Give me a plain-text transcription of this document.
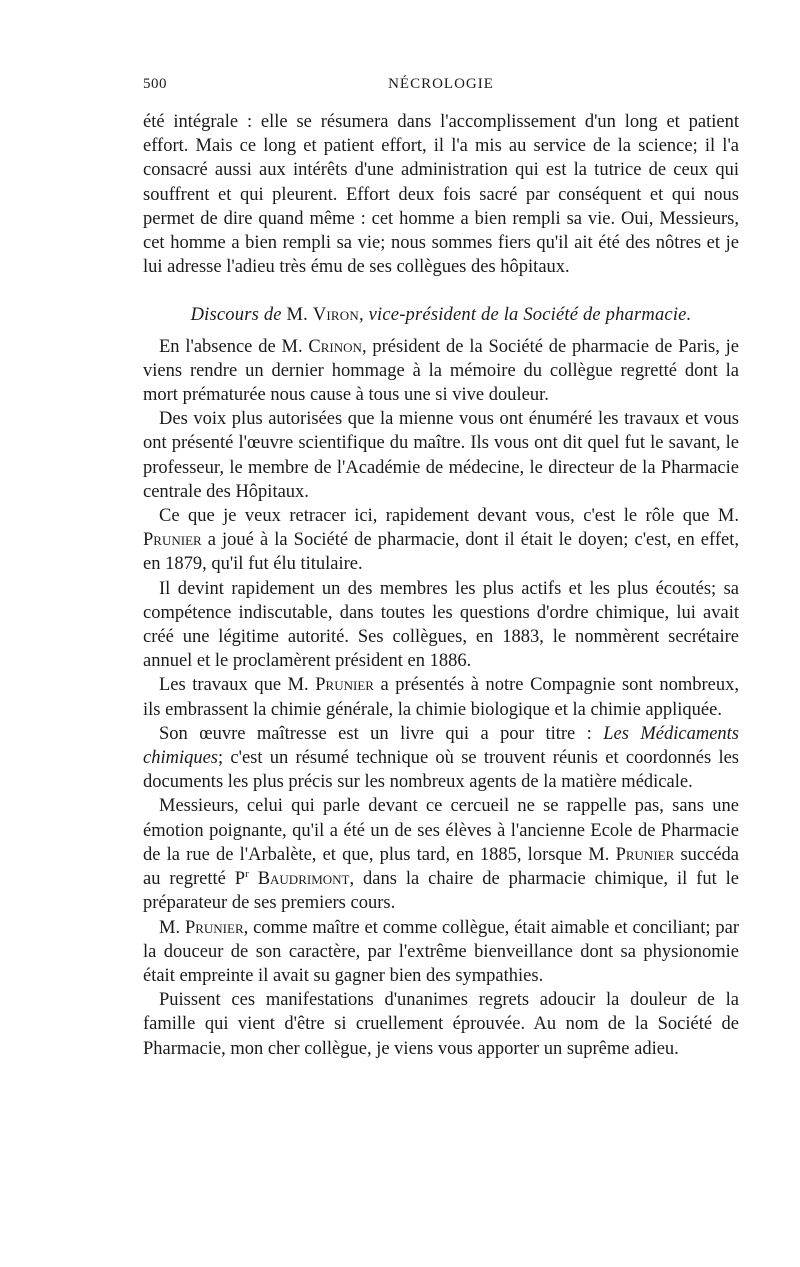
500	NÉCROLOGIE

été intégrale : elle se résumera dans l'accomplissement d'un long et patient effort. Mais ce long et patient effort, il l'a mis au service de la science; il l'a consacré aussi aux intérêts d'une administration qui est la tutrice de ceux qui souffrent et qui pleurent. Effort deux fois sacré par conséquent et qui nous permet de dire quand même : cet homme a bien rempli sa vie. Oui, Messieurs, cet homme a bien rempli sa vie; nous sommes fiers qu'il ait été des nôtres et je lui adresse l'adieu très ému de ses collègues des hôpitaux.

Discours de M. Viron, vice-président de la Société de pharmacie.

En l'absence de M. Crinon, président de la Société de pharmacie de Paris, je viens rendre un dernier hommage à la mémoire du collègue regretté dont la mort prématurée nous cause à tous une si vive douleur.

Des voix plus autorisées que la mienne vous ont énuméré les travaux et vous ont présenté l'œuvre scientifique du maître. Ils vous ont dit quel fut le savant, le professeur, le membre de l'Académie de médecine, le directeur de la Pharmacie centrale des Hôpitaux.

Ce que je veux retracer ici, rapidement devant vous, c'est le rôle que M. Prunier a joué à la Société de pharmacie, dont il était le doyen; c'est, en effet, en 1879, qu'il fut élu titulaire.

Il devint rapidement un des membres les plus actifs et les plus écoutés; sa compétence indiscutable, dans toutes les questions d'ordre chimique, lui avait créé une légitime autorité. Ses collègues, en 1883, le nommèrent secrétaire annuel et le proclamèrent président en 1886.

Les travaux que M. Prunier a présentés à notre Compagnie sont nombreux, ils embrassent la chimie générale, la chimie biologique et la chimie appliquée.

Son œuvre maîtresse est un livre qui a pour titre : Les Médicaments chimiques; c'est un résumé technique où se trouvent réunis et coordonnés les documents les plus précis sur les nombreux agents de la matière médicale.

Messieurs, celui qui parle devant ce cercueil ne se rappelle pas, sans une émotion poignante, qu'il a été un de ses élèves à l'ancienne Ecole de Pharmacie de la rue de l'Arbalète, et que, plus tard, en 1885, lorsque M. Prunier succéda au regretté $P^r$ Baudrimont, dans la chaire de pharmacie chimique, il fut le préparateur de ses premiers cours.

M. Prunier, comme maître et comme collègue, était aimable et conciliant; par la douceur de son caractère, par l'extrême bienveillance dont sa physionomie était empreinte il avait su gagner bien des sympathies.

Puissent ces manifestations d'unanimes regrets adoucir la douleur de la famille qui vient d'être si cruellement éprouvée. Au nom de la Société de Pharmacie, mon cher collègue, je viens vous apporter un suprême adieu.
